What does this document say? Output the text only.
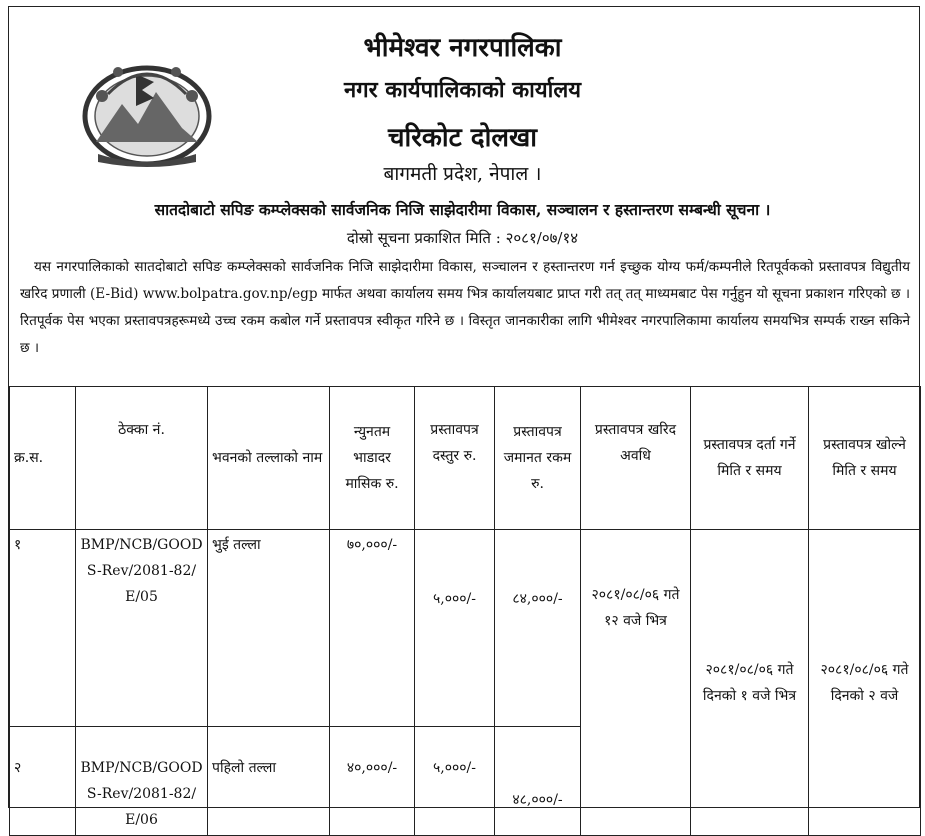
भीमेश्वर नगरपालिका
नगर कार्यपालिकाको कार्यालय
चरिकोट दोलखा
बागमती प्रदेश, नेपाल ।
सातदोबाटो सपिङ कम्प्लेक्सको सार्वजनिक निजि साझेदारीमा विकास, सञ्चालन र हस्तान्तरण सम्बन्धी सूचना ।
दोस्रो सूचना प्रकाशित मिति : २०८१/०७/१४

यस नगरपालिकाको सातदोबाटो सपिङ कम्प्लेक्सको सार्वजनिक निजि साझेदारीमा विकास, सञ्चालन र हस्तान्तरण गर्न इच्छुक योग्य फर्म/कम्पनीले रितपूर्वकको प्रस्तावपत्र विद्युतीय खरिद प्रणाली (E-Bid) www.bolpatra.gov.np/egp मार्फत अथवा कार्यालय समय भित्र कार्यालयबाट प्राप्त गरी तत् तत् माध्यमबाट पेस गर्नुहुन यो सूचना प्रकाशन गरिएको छ । रितपूर्वक पेस भएका प्रस्तावपत्रहरूमध्ये उच्च रकम कबोल गर्ने प्रस्तावपत्र स्वीकृत गरिने छ । विस्तृत जानकारीका लागि भीमेश्वर नगरपालिकामा कार्यालय समयभित्र सम्पर्क राख्न सकिने छ ।

क्र.स.	ठेक्का नं.	भवनको तल्लाको नाम	न्युनतम भाडादर मासिक रु.	प्रस्तावपत्र दस्तुर रु.	प्रस्तावपत्र जमानत रकम रु.	प्रस्तावपत्र खरिद अवधि	प्रस्तावपत्र दर्ता गर्ने मिति र समय	प्रस्तावपत्र खोल्ने मिति र समय
१	BMP/NCB/GOODS-Rev/2081-82/E/05	भुई तल्ला	७०,०००/-	५,०००/-	८४,०००/-	२०८१/०८/०६ गते १२ वजे भित्र	२०८१/०८/०६ गते दिनको १ वजे भित्र	२०८१/०८/०६ गते दिनको २ वजे
२	BMP/NCB/GOODS-Rev/2081-82/E/06	पहिलो तल्ला	४०,०००/-	५,०००/-	४८,०००/-			
